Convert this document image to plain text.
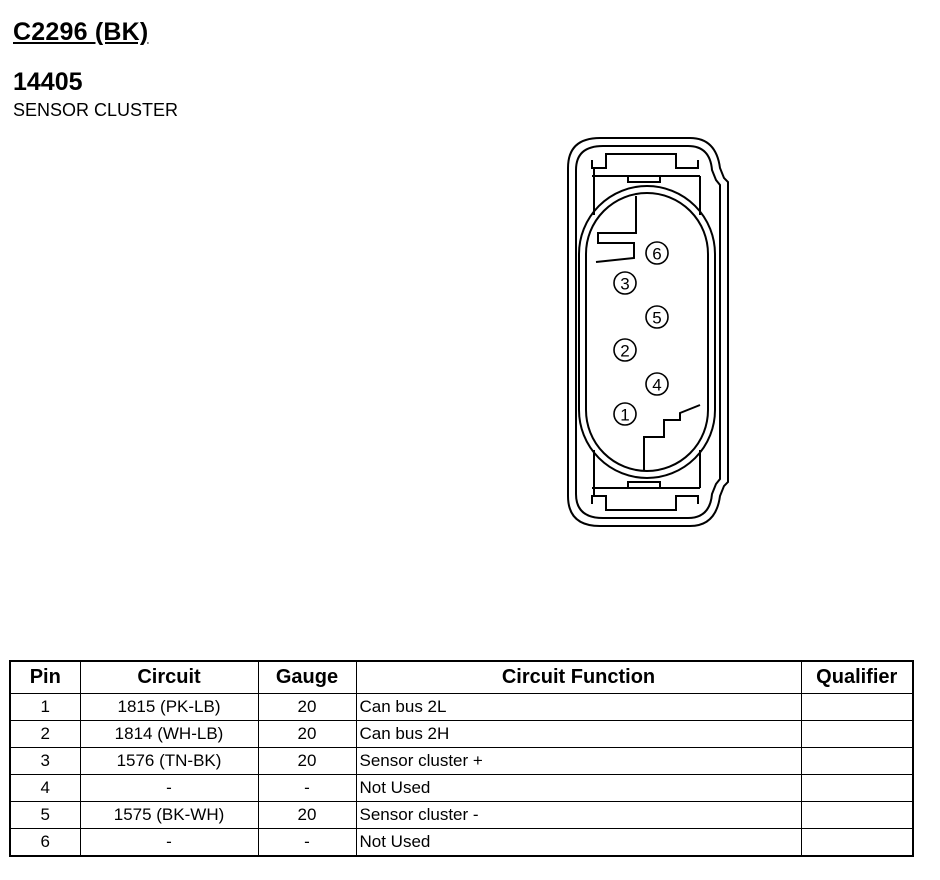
C2296 (BK)
14405
SENSOR CLUSTER
6
3
5
2
4
1
Pin	Circuit	Gauge	Circuit Function	Qualifier
1	1815 (PK-LB)	20	Can bus 2L	
2	1814 (WH-LB)	20	Can bus 2H	
3	1576 (TN-BK)	20	Sensor cluster +	
4	-	-	Not Used	
5	1575 (BK-WH)	20	Sensor cluster -	
6	-	-	Not Used	
